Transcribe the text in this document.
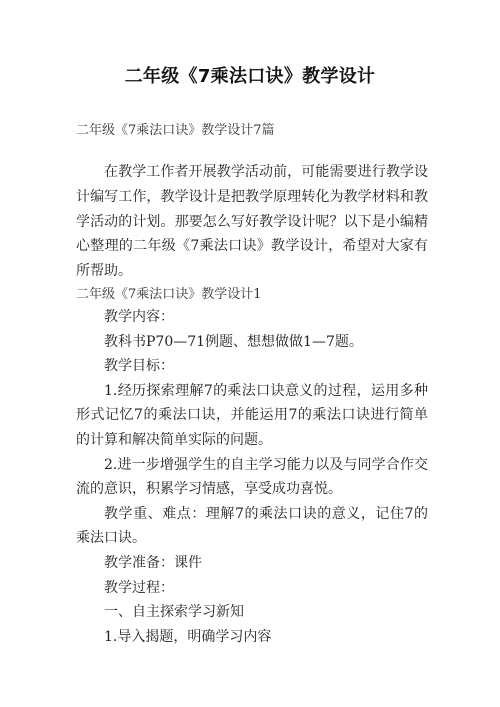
二年级《7乘法口诀》教学设计
二年级《7乘法口诀》教学设计7篇

在教学工作者开展教学活动前，可能需要进行教学设计编写工作，教学设计是把教学原理转化为教学材料和教学活动的计划。那要怎么写好教学设计呢？以下是小编精心整理的二年级《7乘法口诀》教学设计，希望对大家有所帮助。

二年级《7乘法口诀》教学设计1

教学内容：

教科书P70—71例题、想想做做1—7题。

教学目标：

1.经历探索理解7的乘法口诀意义的过程，运用多种形式记忆7的乘法口诀，并能运用7的乘法口诀进行简单的计算和解决简单实际的问题。

2.进一步增强学生的自主学习能力以及与同学合作交流的意识，积累学习情感，享受成功喜悦。

教学重、难点：理解7的乘法口诀的意义，记住7的乘法口诀。

教学准备：课件

教学过程：

一、自主探索学习新知

1.导入揭题，明确学习内容
